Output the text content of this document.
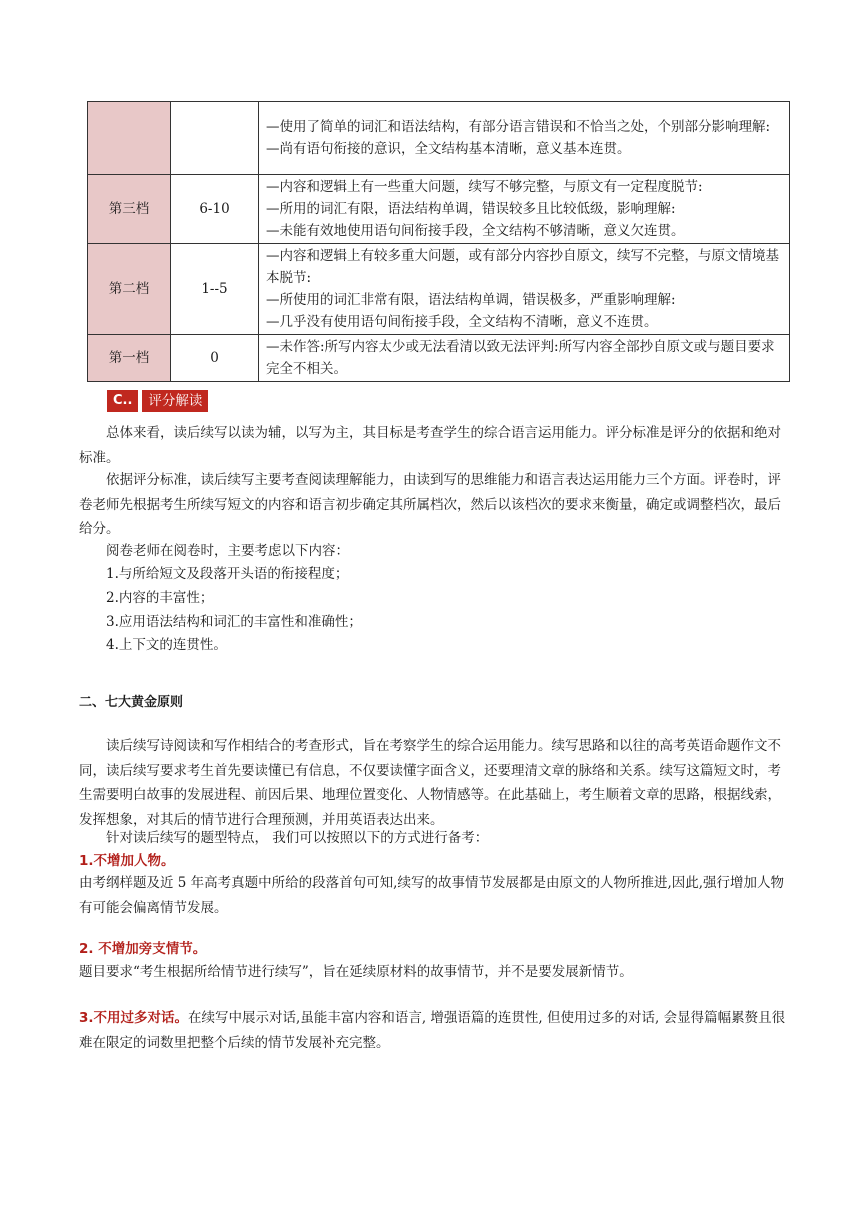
		—使用了简单的词汇和语法结构，有部分语言错误和不恰当之处，个别部分影响理解:
—尚有语句衔接的意识，全文结构基本清晰，意义基本连贯。

第三档	6-10	—内容和逻辑上有一些重大问题，续写不够完整，与原文有一定程度脱节:
—所用的词汇有限，语法结构单调，错误较多且比较低级，影响理解:
—未能有效地使用语句间衔接手段，全文结构不够清晰，意义欠连贯。

第二档	1--5	—内容和逻辑上有较多重大问题，或有部分内容抄自原文，续写不完整，与原文情境基本脱节:
—所使用的词汇非常有限，语法结构单调，错误极多，严重影响理解:
—几乎没有使用语句间衔接手段，全文结构不清晰，意义不连贯。

第一档	0	—未作答:所写内容太少或无法看清以致无法评判:所写内容全部抄自原文或与题目要求完全不相关。
C..	评分解读
总体来看，读后续写以读为辅，以写为主，其目标是考查学生的综合语言运用能力。评分标准是评分的依据和绝对标准。
依据评分标准，读后续写主要考查阅读理解能力，由读到写的思维能力和语言表达运用能力三个方面。评卷时，评卷老师先根据考生所续写短文的内容和语言初步确定其所属档次，然后以该档次的要求来衡量，确定或调整档次，最后给分。
阅卷老师在阅卷时，主要考虑以下内容：
1.与所给短文及段落开头语的衔接程度；
2.内容的丰富性；
3.应用语法结构和词汇的丰富性和准确性；
4.上下文的连贯性。
二、七大黄金原则
读后续写诗阅读和写作相结合的考查形式，旨在考察学生的综合运用能力。续写思路和以往的高考英语命题作文不同，读后续写要求考生首先要读懂已有信息，不仅要读懂字面含义，还要理清文章的脉络和关系。续写这篇短文时，考生需要明白故事的发展进程、前因后果、地理位置变化、人物情感等。在此基础上，考生顺着文章的思路，根据线索，发挥想象，对其后的情节进行合理预测，并用英语表达出来。
针对读后续写的题型特点， 我们可以按照以下的方式进行备考：
1.不增加人物。
由考纲样题及近 5 年高考真题中所给的段落首句可知,续写的故事情节发展都是由原文的人物所推进,因此,强行增加人物有可能会偏离情节发展。
2. 不增加旁支情节。
题目要求“考生根据所给情节进行续写”，旨在延续原材料的故事情节，并不是要发展新情节。
3.不用过多对话。在续写中展示对话,虽能丰富内容和语言, 增强语篇的连贯性, 但使用过多的对话, 会显得篇幅累赘且很难在限定的词数里把整个后续的情节发展补充完整。
